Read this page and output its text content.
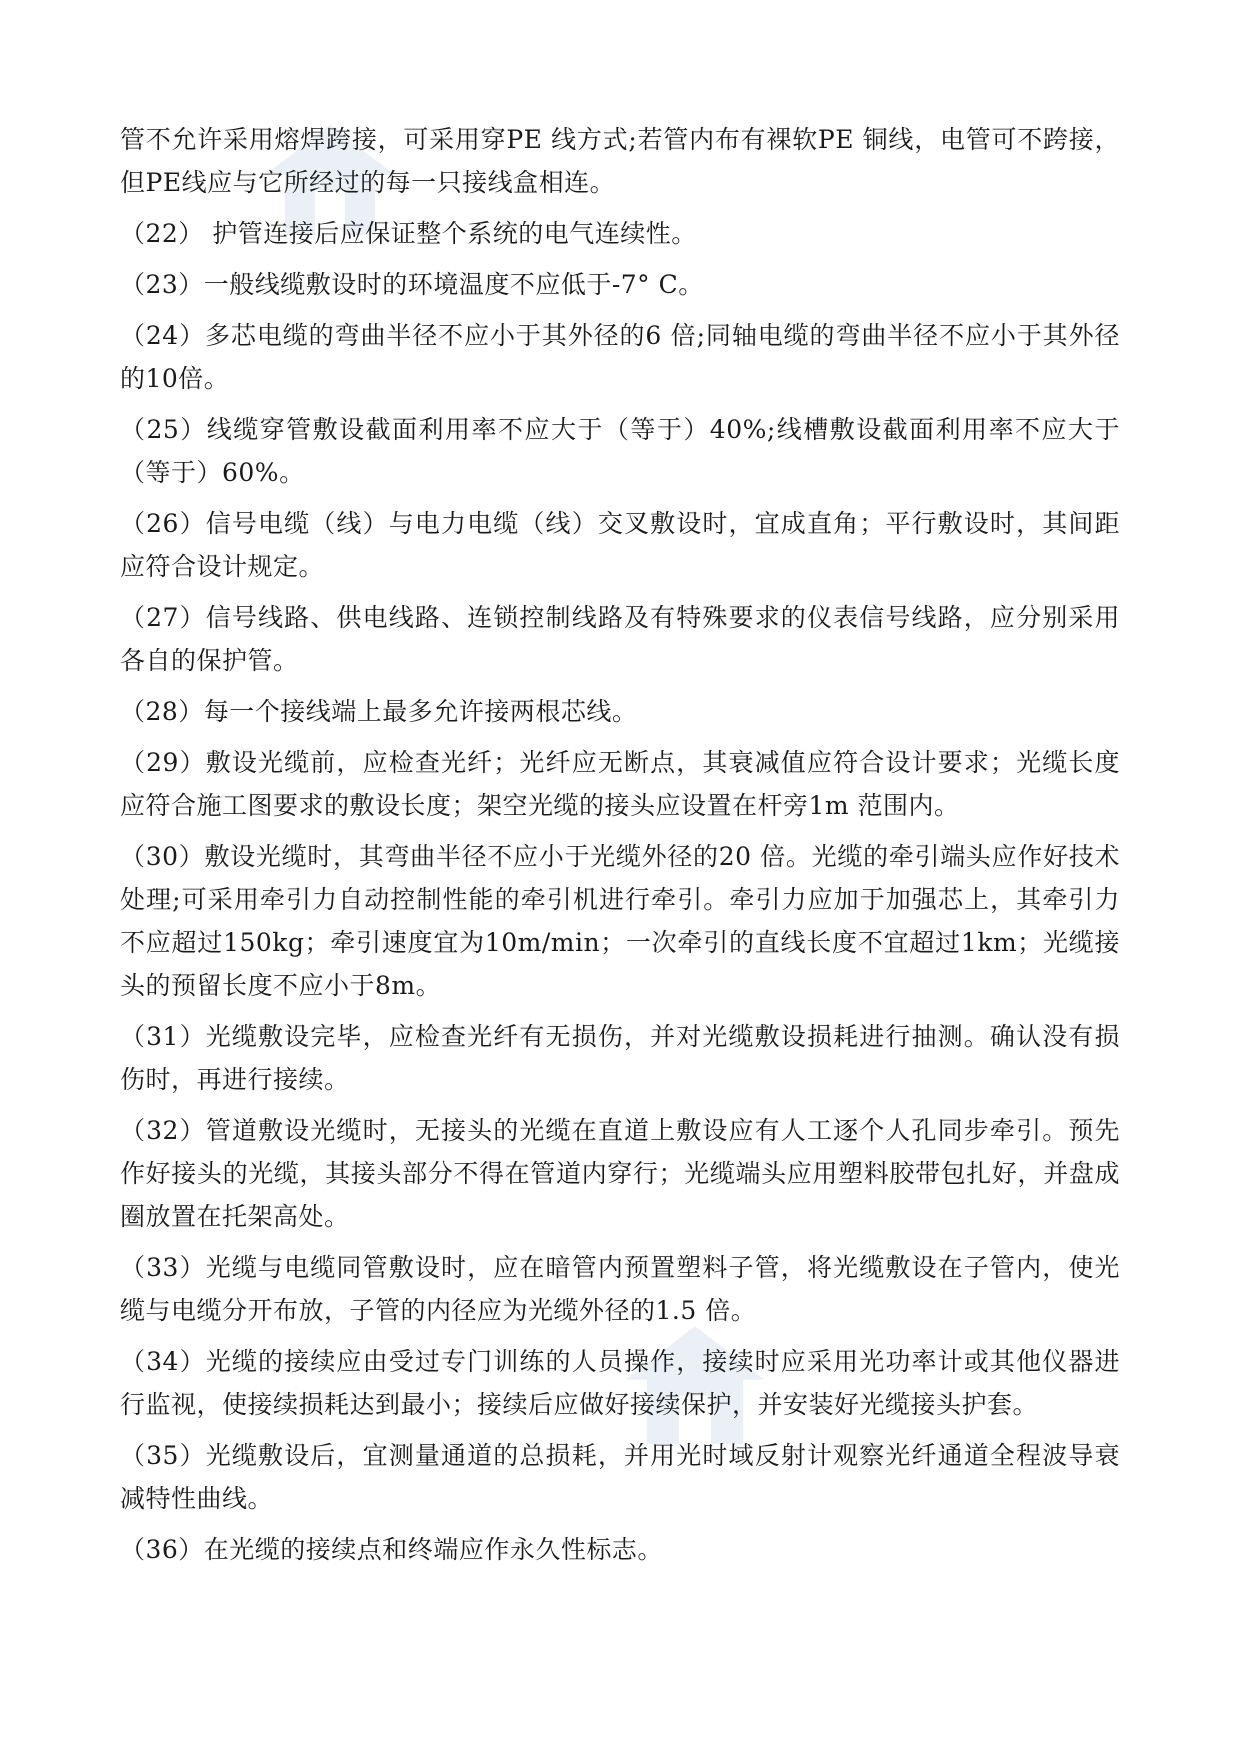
管不允许采用熔焊跨接，可采用穿PE 线方式;若管内布有裸软PE 铜线，电管可不跨接，但PE线应与它所经过的每一只接线盒相连。

（22） 护管连接后应保证整个系统的电气连续性。

（23）一般线缆敷设时的环境温度不应低于-7° C。

（24）多芯电缆的弯曲半径不应小于其外径的6 倍;同轴电缆的弯曲半径不应小于其外径的10倍。

（25）线缆穿管敷设截面利用率不应大于（等于）40%;线槽敷设截面利用率不应大于（等于）60%。

（26）信号电缆（线）与电力电缆（线）交叉敷设时，宜成直角；平行敷设时，其间距应符合设计规定。

（27）信号线路、供电线路、连锁控制线路及有特殊要求的仪表信号线路，应分别采用各自的保护管。

（28）每一个接线端上最多允许接两根芯线。

（29）敷设光缆前，应检查光纤；光纤应无断点，其衰减值应符合设计要求；光缆长度应符合施工图要求的敷设长度；架空光缆的接头应设置在杆旁1m 范围内。

（30）敷设光缆时，其弯曲半径不应小于光缆外径的20 倍。光缆的牵引端头应作好技术处理;可采用牵引力自动控制性能的牵引机进行牵引。牵引力应加于加强芯上，其牵引力不应超过150kg；牵引速度宜为10m/min；一次牵引的直线长度不宜超过1km；光缆接头的预留长度不应小于8m。

（31）光缆敷设完毕，应检查光纤有无损伤，并对光缆敷设损耗进行抽测。确认没有损伤时，再进行接续。

（32）管道敷设光缆时，无接头的光缆在直道上敷设应有人工逐个人孔同步牵引。预先作好接头的光缆，其接头部分不得在管道内穿行；光缆端头应用塑料胶带包扎好，并盘成圈放置在托架高处。

（33）光缆与电缆同管敷设时，应在暗管内预置塑料子管，将光缆敷设在子管内，使光缆与电缆分开布放，子管的内径应为光缆外径的1.5 倍。

（34）光缆的接续应由受过专门训练的人员操作，接续时应采用光功率计或其他仪器进行监视，使接续损耗达到最小；接续后应做好接续保护，并安装好光缆接头护套。

（35）光缆敷设后，宜测量通道的总损耗，并用光时域反射计观察光纤通道全程波导衰减特性曲线。

（36）在光缆的接续点和终端应作永久性标志。
